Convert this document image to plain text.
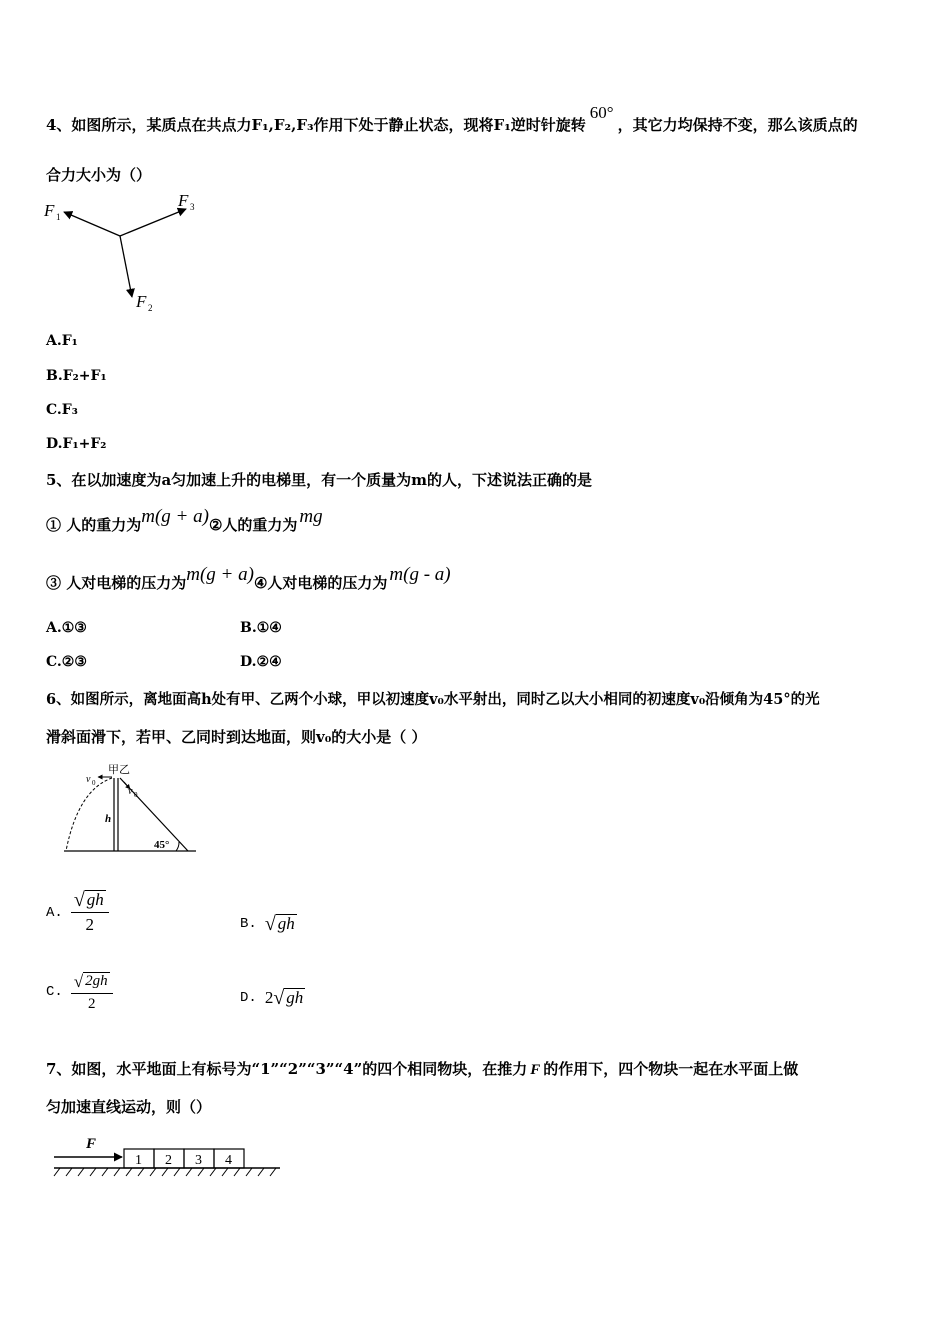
4、如图所示，某质点在共点力F₁,F₂,F₃作用下处于静止状态，现将F₁逆时针旋转60°，其它力均保持不变，那么该质点的
合力大小为（）
F 1
F 3
F 2
A.F₁
B.F₂+F₁
C.F₃
D.F₁+F₂
5、在以加速度为a匀加速上升的电梯里，有一个质量为m的人，下述说法正确的是
① 人的重力为m(g + a)②人的重力为 mg
③ 人对电梯的压力为m(g + a)④人对电梯的压力为 m(g - a)
A.①③	B.①④
C.②③	D.②④
6、如图所示，离地面高h处有甲、乙两个小球，甲以初速度v₀水平射出，同时乙以大小相同的初速度v₀沿倾角为45°的光
滑斜面滑下，若甲、乙同时到达地面，则v₀的大小是（ ）
甲乙
v 0
v 0
h
45°
A. $\frac{√ gh}{2}$	B. √ gh
C. $\frac{√ 2gh}{2}$	D. 2 √ gh
7、如图，水平地面上有标号为“1”“2”“3”“4”的四个相同物块，在推力 F 的作用下，四个物块一起在水平面上做
匀加速直线运动，则（）
F
1 2 3 4
